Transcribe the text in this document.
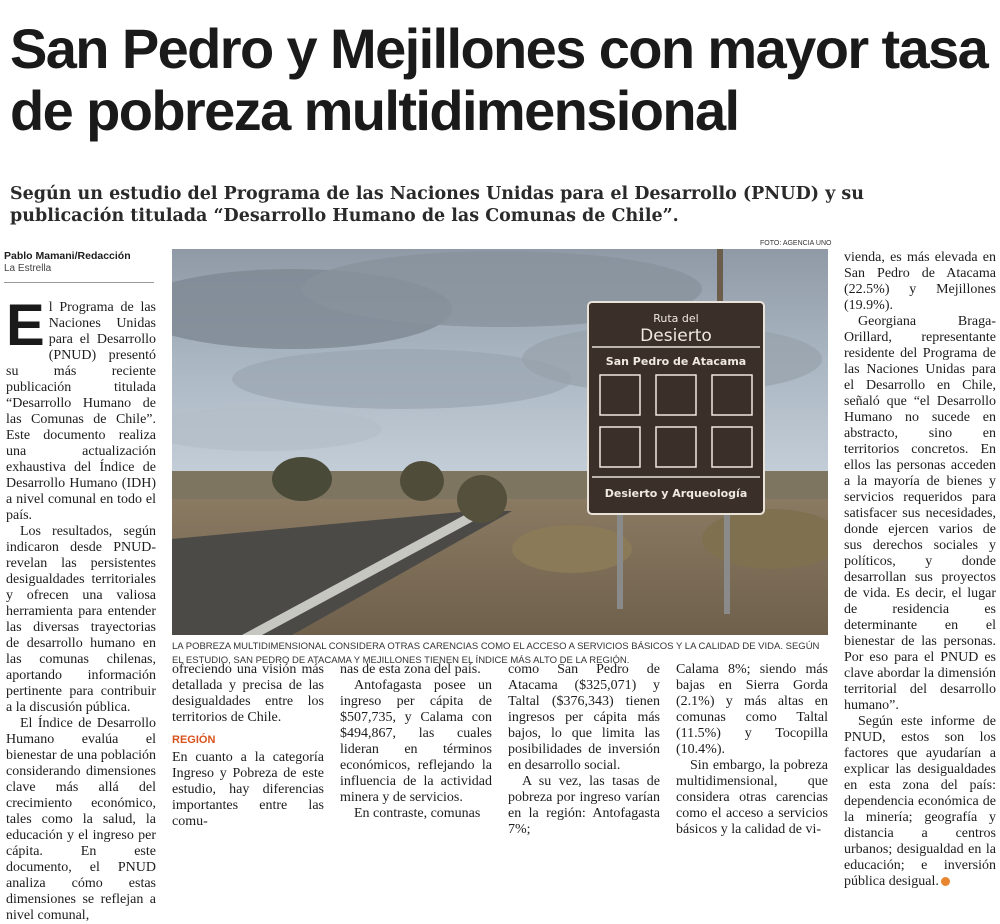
San Pedro y Mejillones con mayor tasa de pobreza multidimensional

Según un estudio del Programa de las Naciones Unidas para el Desarrollo (PNUD) y su publicación titulada “Desarrollo Humano de las Comunas de Chile”.

Pablo Mamani/Redacción
La Estrella
FOTO: AGENCIA UNO
Ruta del
Desierto
San Pedro de Atacama
Desierto y Arqueología

LA POBREZA MULTIDIMENSIONAL CONSIDERA OTRAS CARENCIAS COMO EL ACCESO A SERVICIOS BÁSICOS Y LA CALIDAD DE VIDA. SEGÚN EL ESTUDIO, SAN PEDRO DE ATACAMA Y MEJILLONES TIENEN EL ÍNDICE MÁS ALTO DE LA REGIÓN.

El Programa de las Naciones Unidas para el Desarrollo (PNUD) presentó su más reciente publicación titulada “Desarrollo Humano de las Comunas de Chile”. Este documento realiza una actualización exhaustiva del Índice de Desarrollo Humano (IDH) a nivel comunal en todo el país.

Los resultados, según indicaron desde PNUD- revelan las persistentes desigualdades territoriales y ofrecen una valiosa herramienta para entender las diversas trayectorias de desarrollo humano en las comunas chilenas, aportando información pertinente para contribuir a la discusión pública.

El Índice de Desarrollo Humano evalúa el bienestar de una población considerando dimensiones clave más allá del crecimiento económico, tales como la salud, la educación y el ingreso per cápita. En este documento, el PNUD analiza cómo estas dimensiones se reflejan a nivel comunal,

ofreciendo una visión más detallada y precisa de las desigualdades entre los territorios de Chile.

REGIÓN

En cuanto a la categoría Ingreso y Pobreza de este estudio, hay diferencias importantes entre las comu-

nas de esta zona del país.

Antofagasta posee un ingreso per cápita de $507,735, y Calama con $494,867, las cuales lideran en términos económicos, reflejando la influencia de la actividad minera y de servicios.

En contraste, comunas

como San Pedro de Atacama ($325,071) y Taltal ($376,343) tienen ingresos per cápita más bajos, lo que limita las posibilidades de inversión en desarrollo social.

A su vez, las tasas de pobreza por ingreso varían en la región: Antofagasta 7%;

Calama 8%; siendo más bajas en Sierra Gorda (2.1%) y más altas en comunas como Taltal (11.5%) y Tocopilla (10.4%).

Sin embargo, la pobreza multidimensional, que considera otras carencias como el acceso a servicios básicos y la calidad de vi-

vienda, es más elevada en San Pedro de Atacama (22.5%) y Mejillones (19.9%).

Georgiana Braga-Orillard, representante residente del Programa de las Naciones Unidas para el Desarrollo en Chile, señaló que “el Desarrollo Humano no sucede en abstracto, sino en territorios concretos. En ellos las personas acceden a la mayoría de bienes y servicios requeridos para satisfacer sus necesidades, donde ejercen varios de sus derechos sociales y políticos, y donde desarrollan sus proyectos de vida. Es decir, el lugar de residencia es determinante en el bienestar de las personas. Por eso para el PNUD es clave abordar la dimensión territorial del desarrollo humano”.

Según este informe de PNUD, estos son los factores que ayudarían a explicar las desigualdades en esta zona del país: dependencia económica de la minería; geografía y distancia a centros urbanos; desigualdad en la educación; e inversión pública desigual.
